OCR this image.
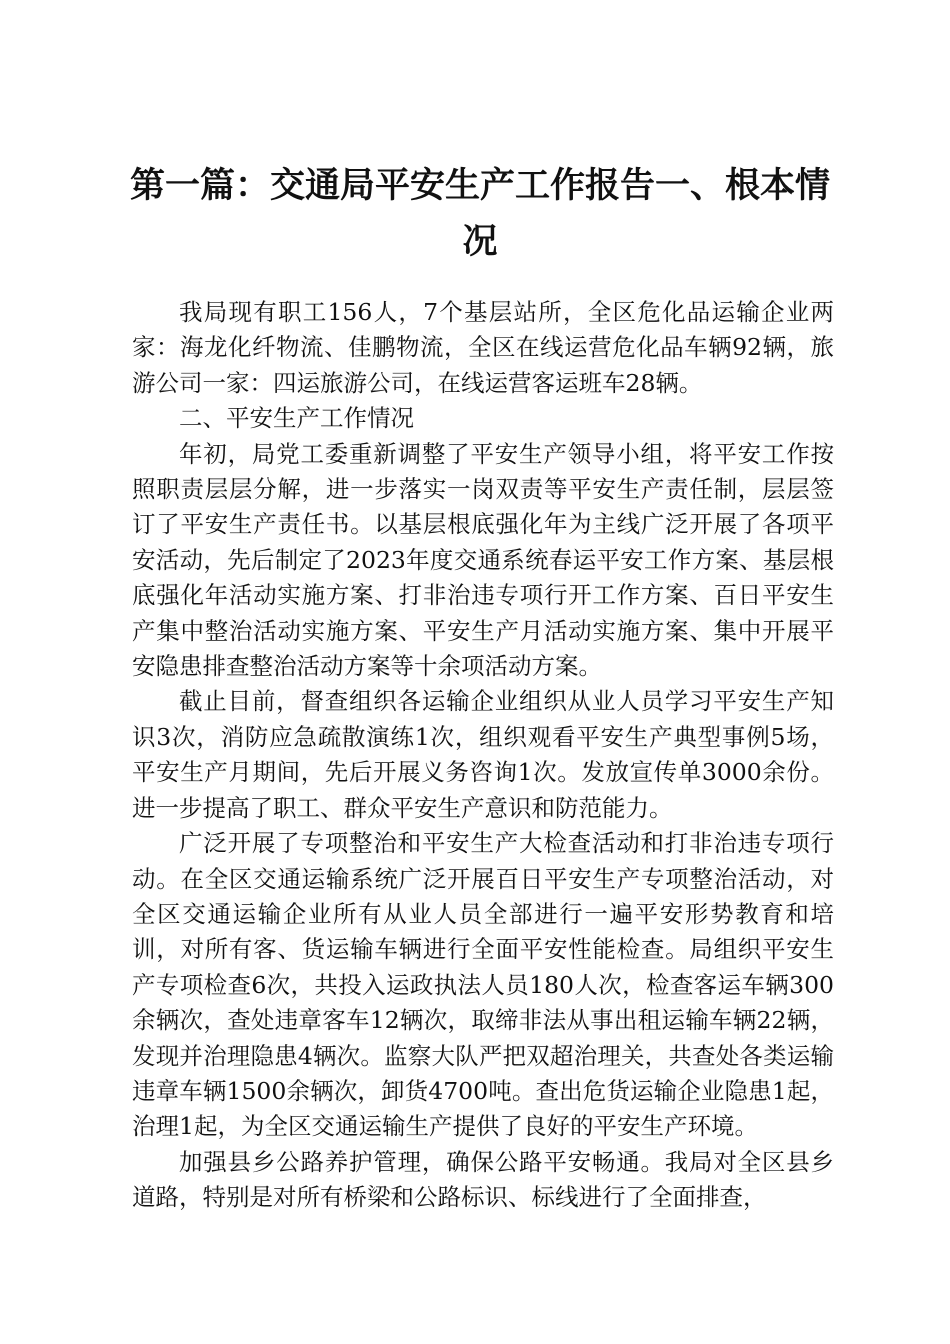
第一篇：交通局平安生产工作报告一、根本情
况

我局现有职工156人，7个基层站所，全区危化品运输企业两家：海龙化纤物流、佳鹏物流，全区在线运营危化品车辆92辆，旅游公司一家：四运旅游公司，在线运营客运班车28辆。

二、平安生产工作情况

年初，局党工委重新调整了平安生产领导小组，将平安工作按照职责层层分解，进一步落实一岗双责等平安生产责任制，层层签订了平安生产责任书。以基层根底强化年为主线广泛开展了各项平安活动，先后制定了2023年度交通系统春运平安工作方案、基层根底强化年活动实施方案、打非治违专项行开工作方案、百日平安生产集中整治活动实施方案、平安生产月活动实施方案、集中开展平安隐患排查整治活动方案等十余项活动方案。

截止目前，督查组织各运输企业组织从业人员学习平安生产知识3次，消防应急疏散演练1次，组织观看平安生产典型事例5场，平安生产月期间，先后开展义务咨询1次。发放宣传单3000余份。进一步提高了职工、群众平安生产意识和防范能力。

广泛开展了专项整治和平安生产大检查活动和打非治违专项行动。在全区交通运输系统广泛开展百日平安生产专项整治活动，对全区交通运输企业所有从业人员全部进行一遍平安形势教育和培训，对所有客、货运输车辆进行全面平安性能检查。局组织平安生产专项检查6次，共投入运政执法人员180人次，检查客运车辆300余辆次，查处违章客车12辆次，取缔非法从事出租运输车辆22辆，发现并治理隐患4辆次。监察大队严把双超治理关，共查处各类运输违章车辆1500余辆次，卸货4700吨。查出危货运输企业隐患1起，治理1起，为全区交通运输生产提供了良好的平安生产环境。

加强县乡公路养护管理，确保公路平安畅通。我局对全区县乡道路，特别是对所有桥梁和公路标识、标线进行了全面排查，
